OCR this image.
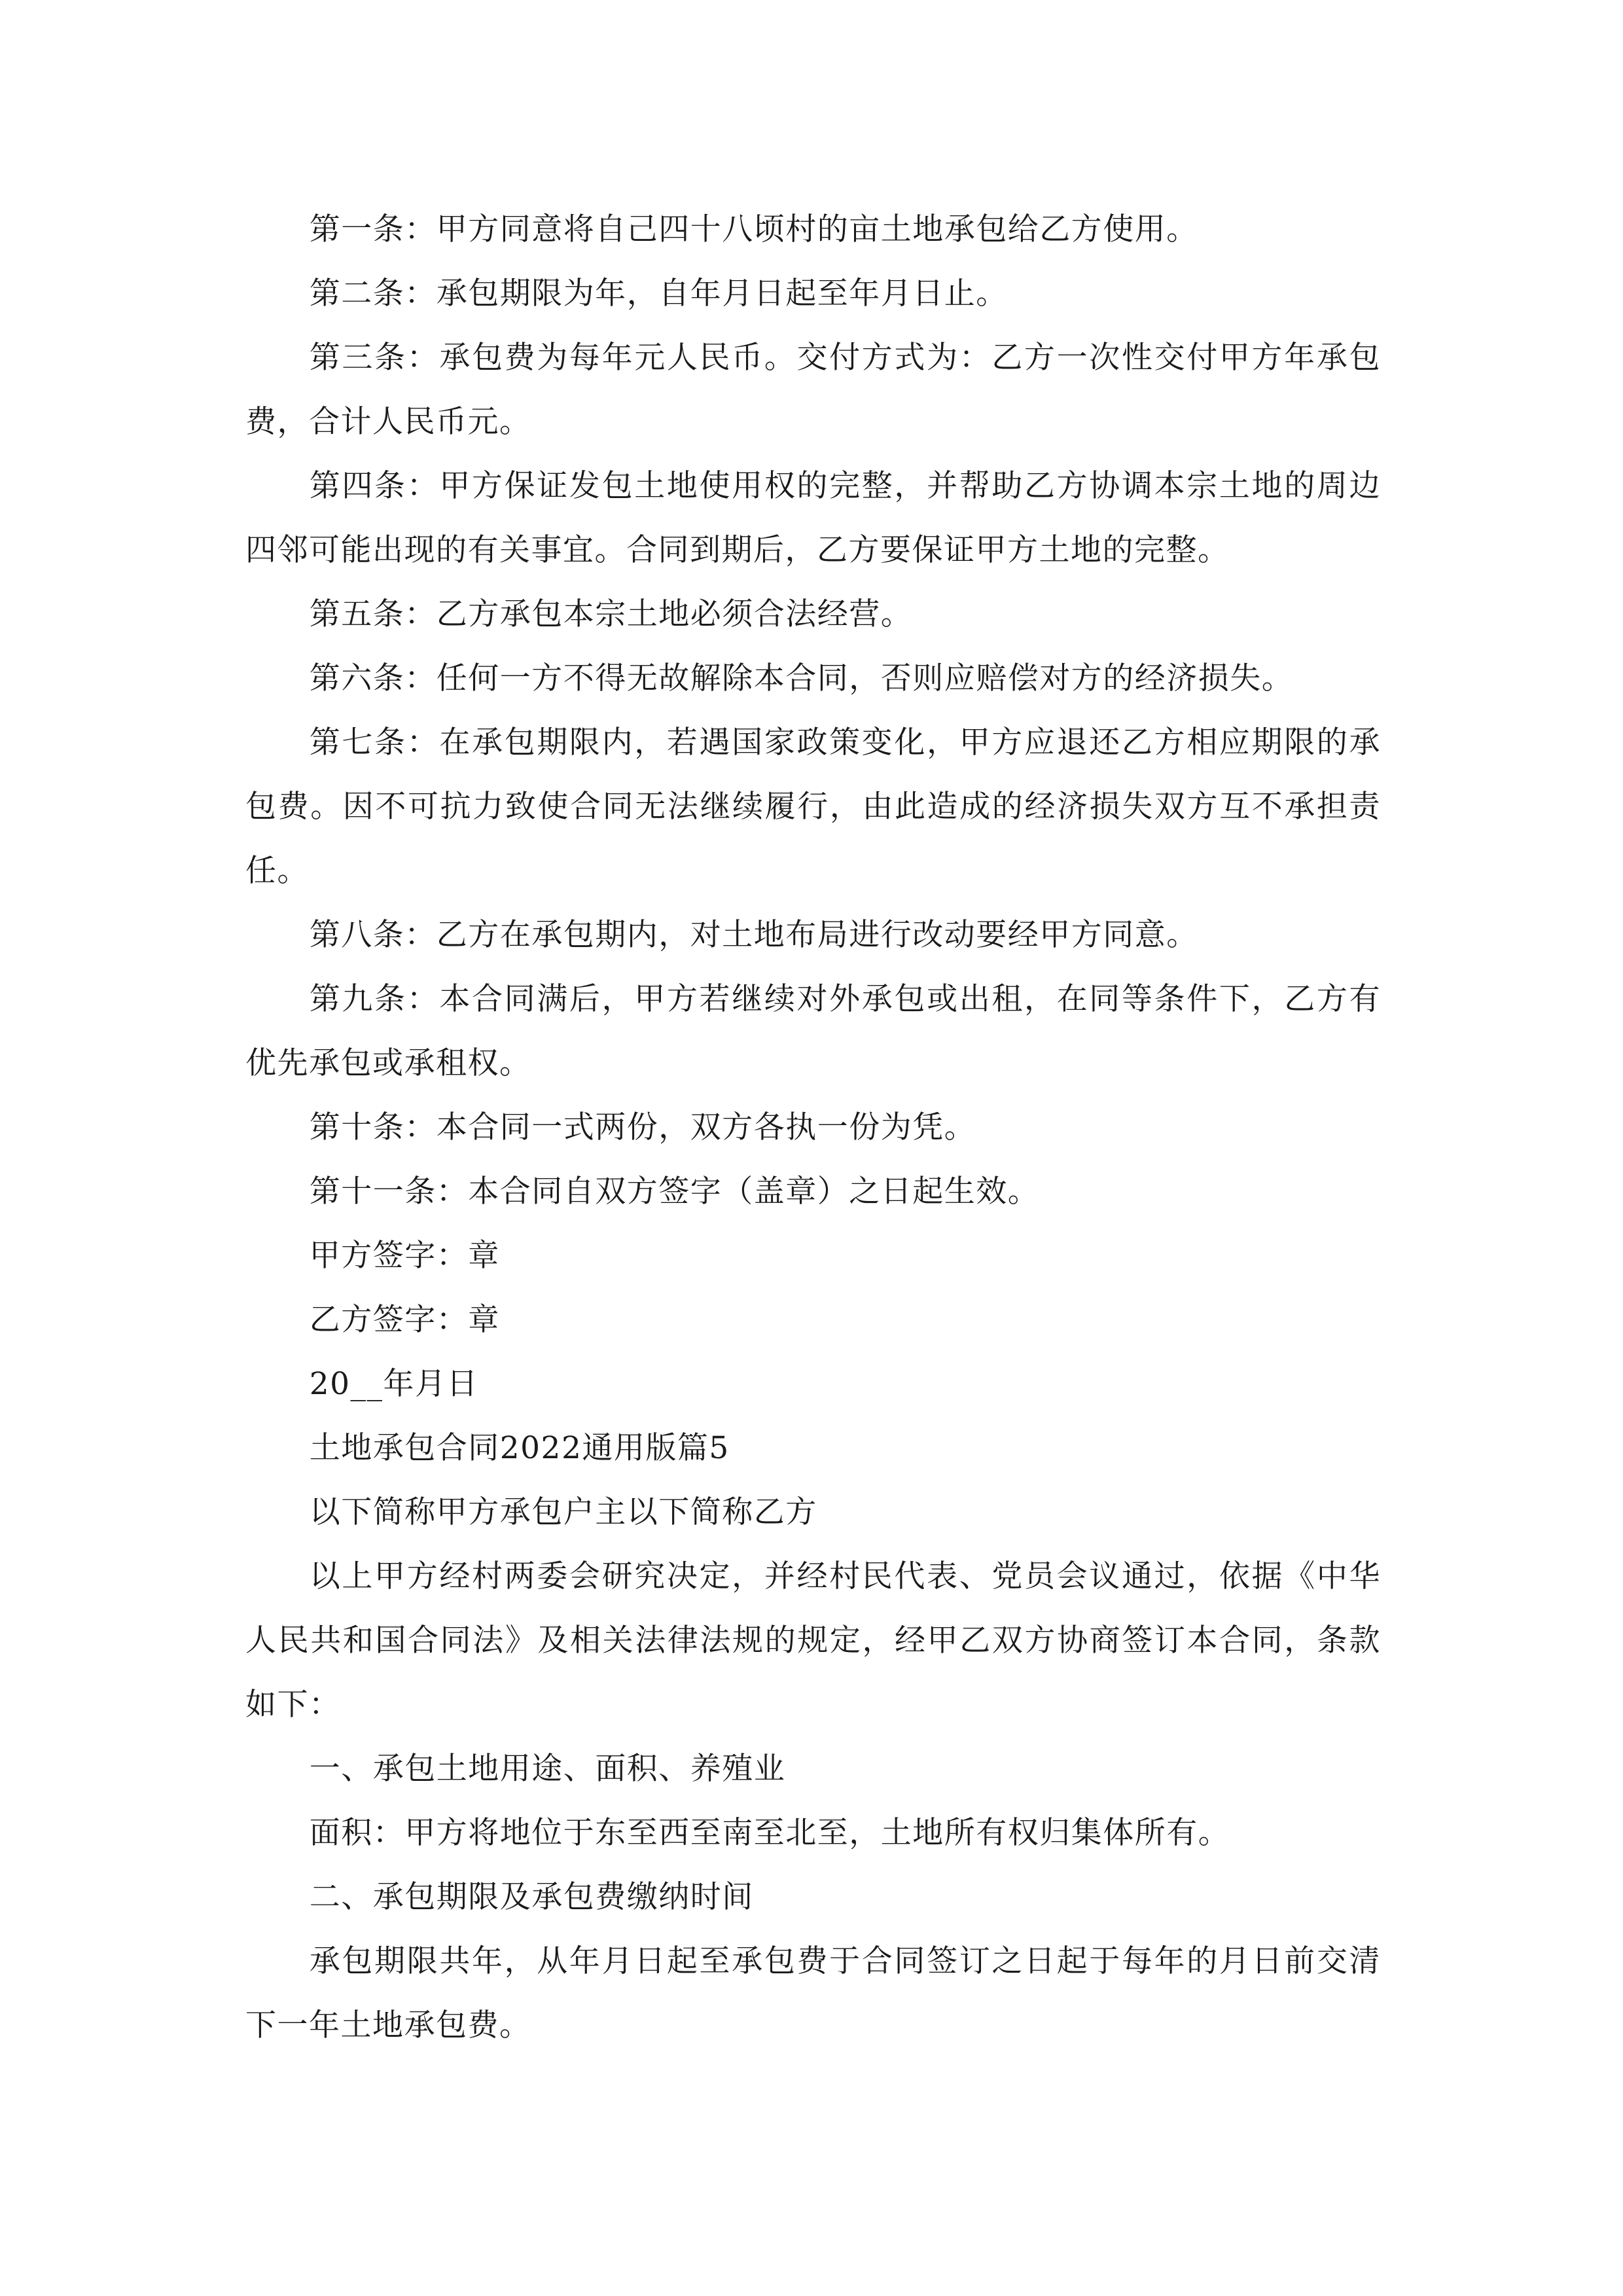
第一条：甲方同意将自己四十八顷村的亩土地承包给乙方使用。

第二条：承包期限为年，自年月日起至年月日止。

第三条：承包费为每年元人民币。交付方式为：乙方一次性交付甲方年承包费，合计人民币元。

第四条：甲方保证发包土地使用权的完整，并帮助乙方协调本宗土地的周边四邻可能出现的有关事宜。合同到期后，乙方要保证甲方土地的完整。

第五条：乙方承包本宗土地必须合法经营。

第六条：任何一方不得无故解除本合同，否则应赔偿对方的经济损失。

第七条：在承包期限内，若遇国家政策变化，甲方应退还乙方相应期限的承包费。因不可抗力致使合同无法继续履行，由此造成的经济损失双方互不承担责任。

第八条：乙方在承包期内，对土地布局进行改动要经甲方同意。

第九条：本合同满后，甲方若继续对外承包或出租，在同等条件下，乙方有优先承包或承租权。

第十条：本合同一式两份，双方各执一份为凭。

第十一条：本合同自双方签字（盖章）之日起生效。

甲方签字：章

乙方签字：章

20__年月日

土地承包合同2022通用版篇5

以下简称甲方承包户主以下简称乙方

以上甲方经村两委会研究决定，并经村民代表、党员会议通过，依据《中华人民共和国合同法》及相关法律法规的规定，经甲乙双方协商签订本合同，条款如下：

一、承包土地用途、面积、养殖业

面积：甲方将地位于东至西至南至北至，土地所有权归集体所有。

二、承包期限及承包费缴纳时间

承包期限共年，从年月日起至承包费于合同签订之日起于每年的月日前交清下一年土地承包费。
